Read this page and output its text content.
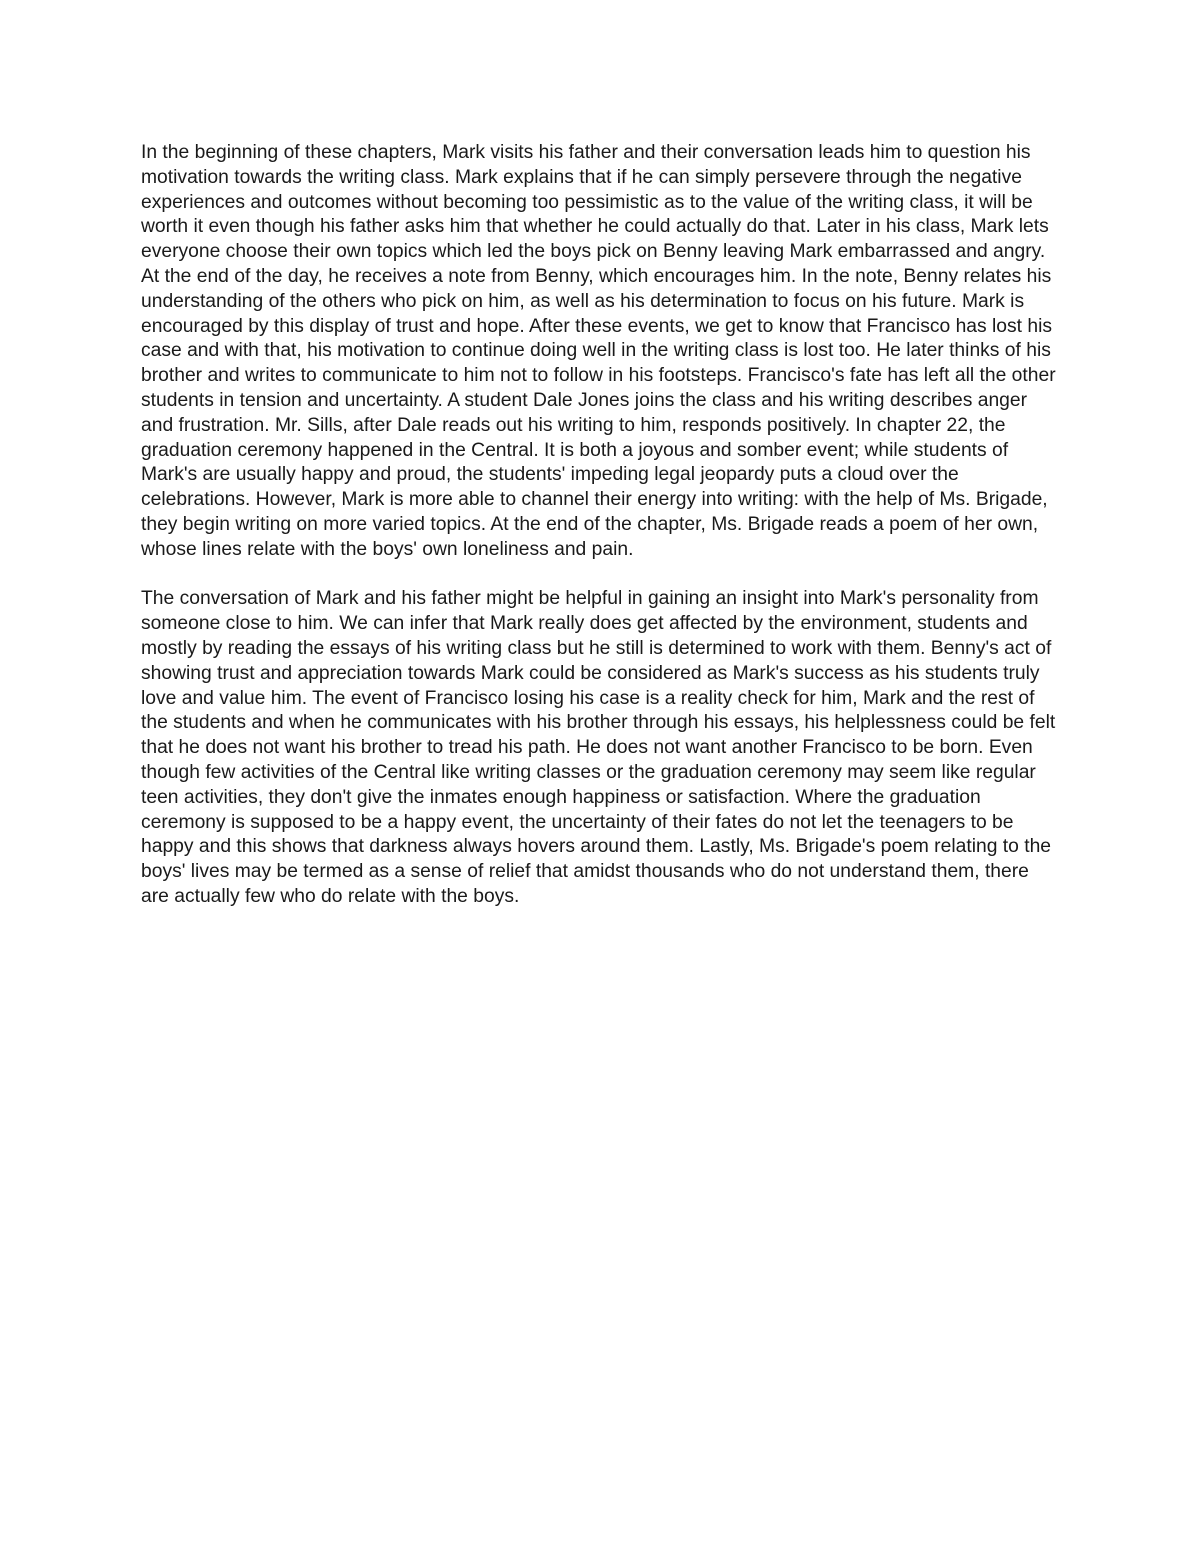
In the beginning of these chapters, Mark visits his father and their conversation leads him to question his motivation towards the writing class. Mark explains that if he can simply persevere through the negative experiences and outcomes without becoming too pessimistic as to the value of the writing class, it will be worth it even though his father asks him that whether he could actually do that. Later in his class, Mark lets everyone choose their own topics which led the boys pick on Benny leaving Mark embarrassed and angry. At the end of the day, he receives a note from Benny, which encourages him. In the note, Benny relates his understanding of the others who pick on him, as well as his determination to focus on his future. Mark is encouraged by this display of trust and hope. After these events, we get to know that Francisco has lost his case and with that, his motivation to continue doing well in the writing class is lost too. He later thinks of his brother and writes to communicate to him not to follow in his footsteps. Francisco's fate has left all the other students in tension and uncertainty. A student Dale Jones joins the class and his writing describes anger and frustration. Mr. Sills, after Dale reads out his writing to him, responds positively. In chapter 22, the graduation ceremony happened in the Central. It is both a joyous and somber event; while students of Mark's are usually happy and proud, the students' impeding legal jeopardy puts a cloud over the celebrations. However, Mark is more able to channel their energy into writing: with the help of Ms. Brigade, they begin writing on more varied topics. At the end of the chapter, Ms. Brigade reads a poem of her own, whose lines relate with the boys' own loneliness and pain.

The conversation of Mark and his father might be helpful in gaining an insight into Mark's personality from someone close to him. We can infer that Mark really does get affected by the environment, students and mostly by reading the essays of his writing class but he still is determined to work with them. Benny's act of showing trust and appreciation towards Mark could be considered as Mark's success as his students truly love and value him. The event of Francisco losing his case is a reality check for him, Mark and the rest of the students and when he communicates with his brother through his essays, his helplessness could be felt that he does not want his brother to tread his path. He does not want another Francisco to be born. Even though few activities of the Central like writing classes or the graduation ceremony may seem like regular teen activities, they don't give the inmates enough happiness or satisfaction. Where the graduation ceremony is supposed to be a happy event, the uncertainty of their fates do not let the teenagers to be happy and this shows that darkness always hovers around them. Lastly, Ms. Brigade's poem relating to the boys' lives may be termed as a sense of relief that amidst thousands who do not understand them, there are actually few who do relate with the boys.
